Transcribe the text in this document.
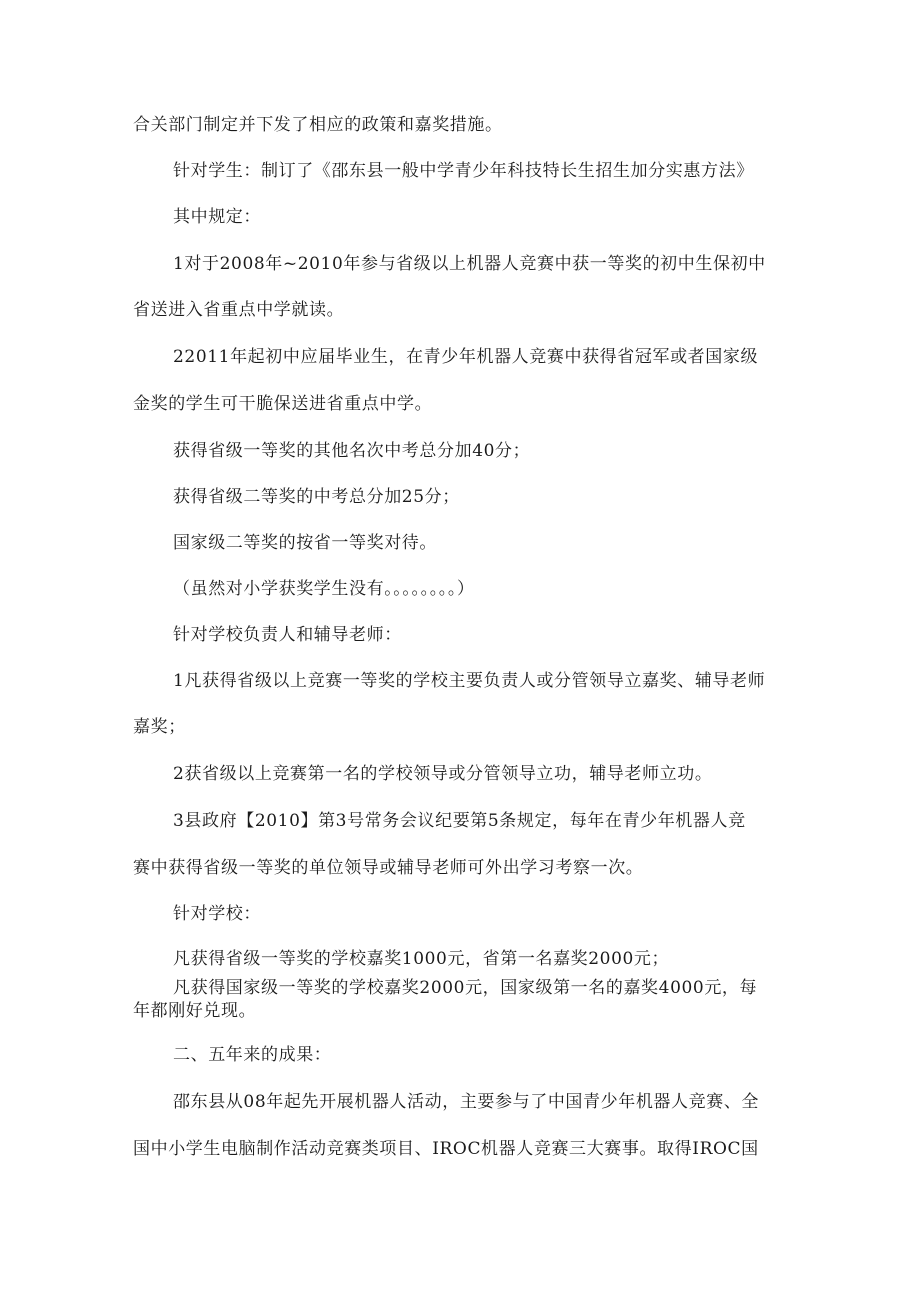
合关部门制定并下发了相应的政策和嘉奖措施。
针对学生：制订了《邵东县一般中学青少年科技特长生招生加分实惠方法》
其中规定：
1对于2008年~2010年参与省级以上机器人竞赛中获一等奖的初中生保初中
省送进入省重点中学就读。
22011年起初中应届毕业生，在青少年机器人竞赛中获得省冠军或者国家级
金奖的学生可干脆保送进省重点中学。
获得省级一等奖的其他名次中考总分加40分；
获得省级二等奖的中考总分加25分；
国家级二等奖的按省一等奖对待。
（虽然对小学获奖学生没有。。。。。。。。）
针对学校负责人和辅导老师：
1凡获得省级以上竞赛一等奖的学校主要负责人或分管领导立嘉奖、辅导老师
嘉奖；
2获省级以上竞赛第一名的学校领导或分管领导立功，辅导老师立功。
3县政府【2010】第3号常务会议纪要第5条规定，每年在青少年机器人竞
赛中获得省级一等奖的单位领导或辅导老师可外出学习考察一次。
针对学校：
凡获得省级一等奖的学校嘉奖1000元，省第一名嘉奖2000元；
凡获得国家级一等奖的学校嘉奖2000元，国家级第一名的嘉奖4000元，每
年都刚好兑现。
二、五年来的成果：
邵东县从08年起先开展机器人活动，主要参与了中国青少年机器人竞赛、全
国中小学生电脑制作活动竞赛类项目、IROC机器人竞赛三大赛事。取得IROC国
